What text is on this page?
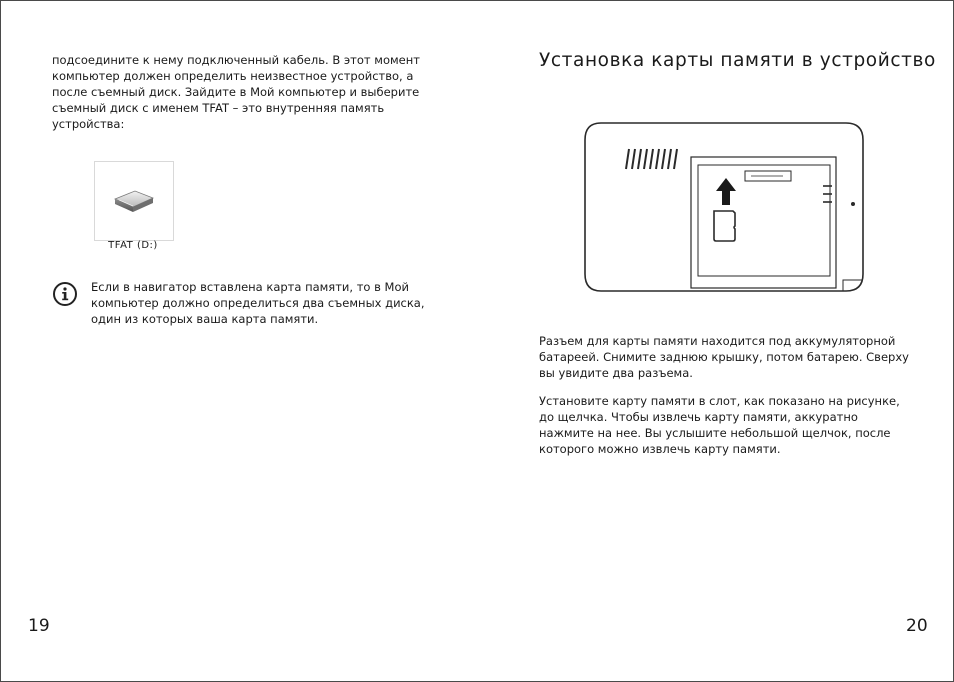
подсоедините к нему подключенный кабель. В этот момент
компьютер должен определить неизвестное устройство, а
после съемный диск. Зайдите в Мой компьютер и выберите
съемный диск с именем TFAT – это внутренняя память
устройства:

TFAT (D:)

Если в навигатор вставлена карта памяти, то в Мой
компьютер должно определиться два съемных диска,
один из которых ваша карта памяти.

19
Установка карты памяти в устройство

Разъем для карты памяти находится под аккумуляторной
батареей. Снимите заднюю крышку, потом батарею. Сверху
вы увидите два разъема.

Установите карту памяти в слот, как показано на рисунке,
до щелчка. Чтобы извлечь карту памяти, аккуратно
нажмите на нее. Вы услышите небольшой щелчок, после
которого можно извлечь карту памяти.

20
